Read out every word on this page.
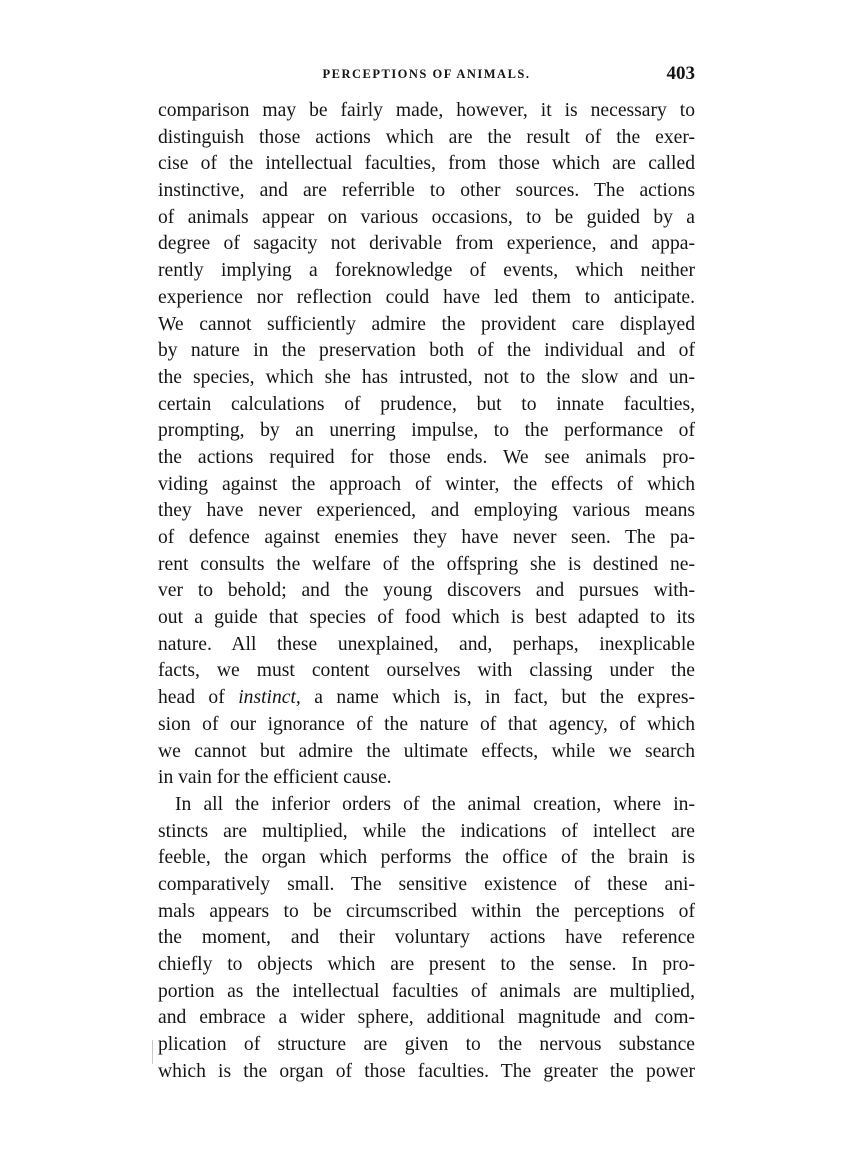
PERCEPTIONS OF ANIMALS.	403
comparison may be fairly made, however, it is necessary to
distinguish those actions which are the result of the exer-
cise of the intellectual faculties, from those which are called
instinctive, and are referrible to other sources. The actions
of animals appear on various occasions, to be guided by a
degree of sagacity not derivable from experience, and appa-
rently implying a foreknowledge of events, which neither
experience nor reflection could have led them to anticipate.
We cannot sufficiently admire the provident care displayed
by nature in the preservation both of the individual and of
the species, which she has intrusted, not to the slow and un-
certain calculations of prudence, but to innate faculties,
prompting, by an unerring impulse, to the performance of
the actions required for those ends. We see animals pro-
viding against the approach of winter, the effects of which
they have never experienced, and employing various means
of defence against enemies they have never seen. The pa-
rent consults the welfare of the offspring she is destined ne-
ver to behold; and the young discovers and pursues with-
out a guide that species of food which is best adapted to its
nature. All these unexplained, and, perhaps, inexplicable
facts, we must content ourselves with classing under the
head of instinct, a name which is, in fact, but the expres-
sion of our ignorance of the nature of that agency, of which
we cannot but admire the ultimate effects, while we search
in vain for the efficient cause.
In all the inferior orders of the animal creation, where in-
stincts are multiplied, while the indications of intellect are
feeble, the organ which performs the office of the brain is
comparatively small. The sensitive existence of these ani-
mals appears to be circumscribed within the perceptions of
the moment, and their voluntary actions have reference
chiefly to objects which are present to the sense. In pro-
portion as the intellectual faculties of animals are multiplied,
and embrace a wider sphere, additional magnitude and com-
plication of structure are given to the nervous substance
which is the organ of those faculties. The greater the power
